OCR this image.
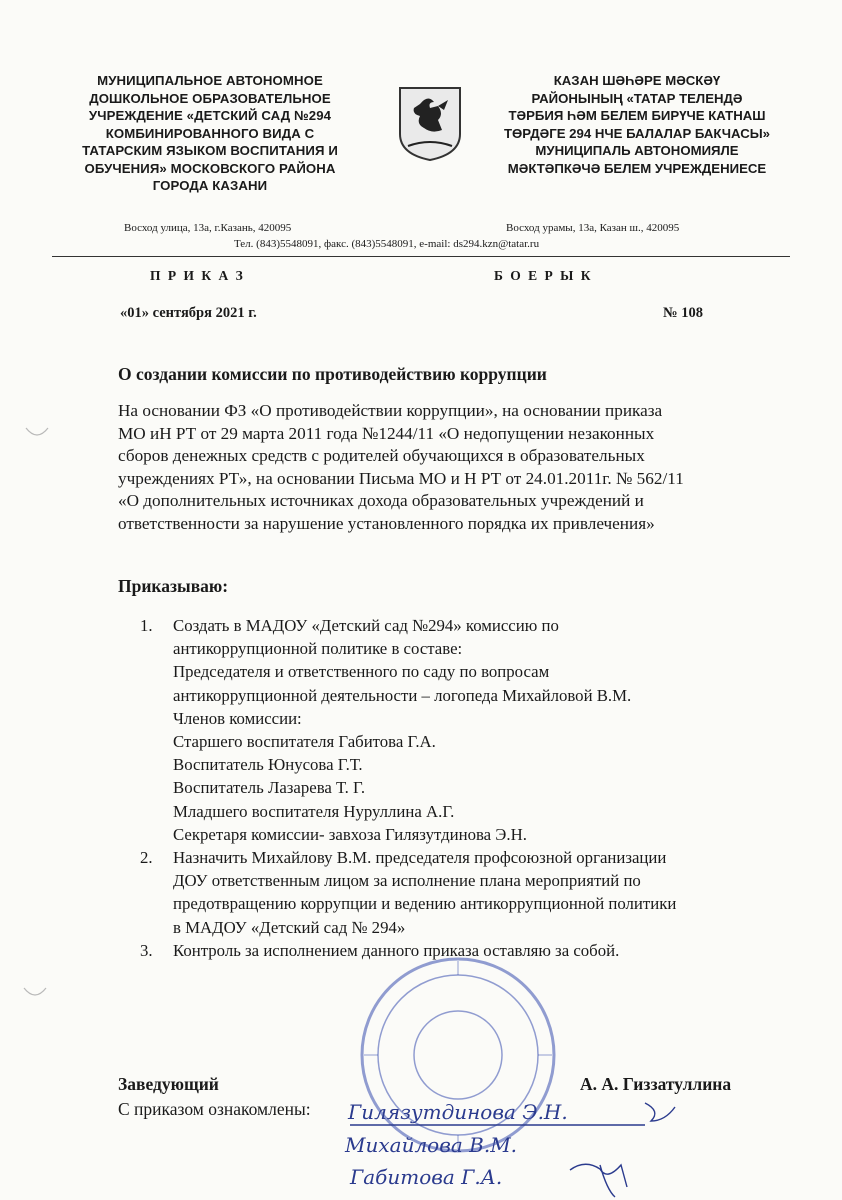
МУНИЦИПАЛЬНОЕ АВТОНОМНОЕ
ДОШКОЛЬНОЕ ОБРАЗОВАТЕЛЬНОЕ
УЧРЕЖДЕНИЕ «ДЕТСКИЙ САД №294
КОМБИНИРОВАННОГО ВИДА С
ТАТАРСКИМ ЯЗЫКОМ ВОСПИТАНИЯ И
ОБУЧЕНИЯ» МОСКОВСКОГО РАЙОНА
ГОРОДА КАЗАНИ
КАЗАН ШӘҺӘРЕ МӘСКӘҮ
РАЙОНЫНЫҢ «ТАТАР ТЕЛЕНДӘ
ТӘРБИЯ ҺӘМ БЕЛЕМ БИРҮЧЕ КАТНАШ
ТӨРДӘГЕ 294 НЧЕ БАЛАЛАР БАКЧАСЫ»
МУНИЦИПАЛЬ АВТОНОМИЯЛЕ
МӘКТӘПКӘЧӘ БЕЛЕМ УЧРЕЖДЕНИЕСЕ
Восход улица, 13а, г.Казань, 420095	Восход урамы, 13а, Казан ш., 420095
Тел. (843)5548091, факс. (843)5548091, e-mail: ds294.kzn@tatar.ru
П Р И К А З	Б О Е Р Ы К
«01» сентября 2021 г.	№ 108
О создании комиссии по противодействию коррупции
На основании ФЗ «О противодействии коррупции», на основании приказа
МО иН РТ от 29 марта 2011 года №1244/11 «О недопущении незаконных
сборов денежных средств с родителей обучающихся в образовательных
учреждениях РТ», на основании Письма МО и Н РТ от 24.01.2011г. № 562/11
«О дополнительных источниках дохода образовательных учреждений и
ответственности за нарушение установленного порядка их привлечения»
Приказываю:
1. Создать в МАДОУ «Детский сад №294» комиссию по
антикоррупционной политике в составе:
Председателя и ответственного по саду по вопросам
антикоррупционной деятельности – логопеда Михайловой В.М.
Членов комиссии:
Старшего воспитателя Габитова Г.А.
Воспитатель Юнусова Г.Т.
Воспитатель Лазарева Т. Г.
Младшего воспитателя Нуруллина А.Г.
Секретаря комиссии- завхоза Гилязутдинова Э.Н.
2. Назначить Михайлову В.М. председателя профсоюзной организации
ДОУ ответственным лицом за исполнение плана мероприятий по
предотвращению коррупции и ведению антикоррупционной политики
в МАДОУ «Детский сад № 294»
3. Контроль за исполнением данного приказа оставляю за собой.
Заведующий	А. А. Гиззатуллина
С приказом ознакомлены: Гилязутдинова Э.Н.
Михайлова В.М.
Габитова Г.А.
